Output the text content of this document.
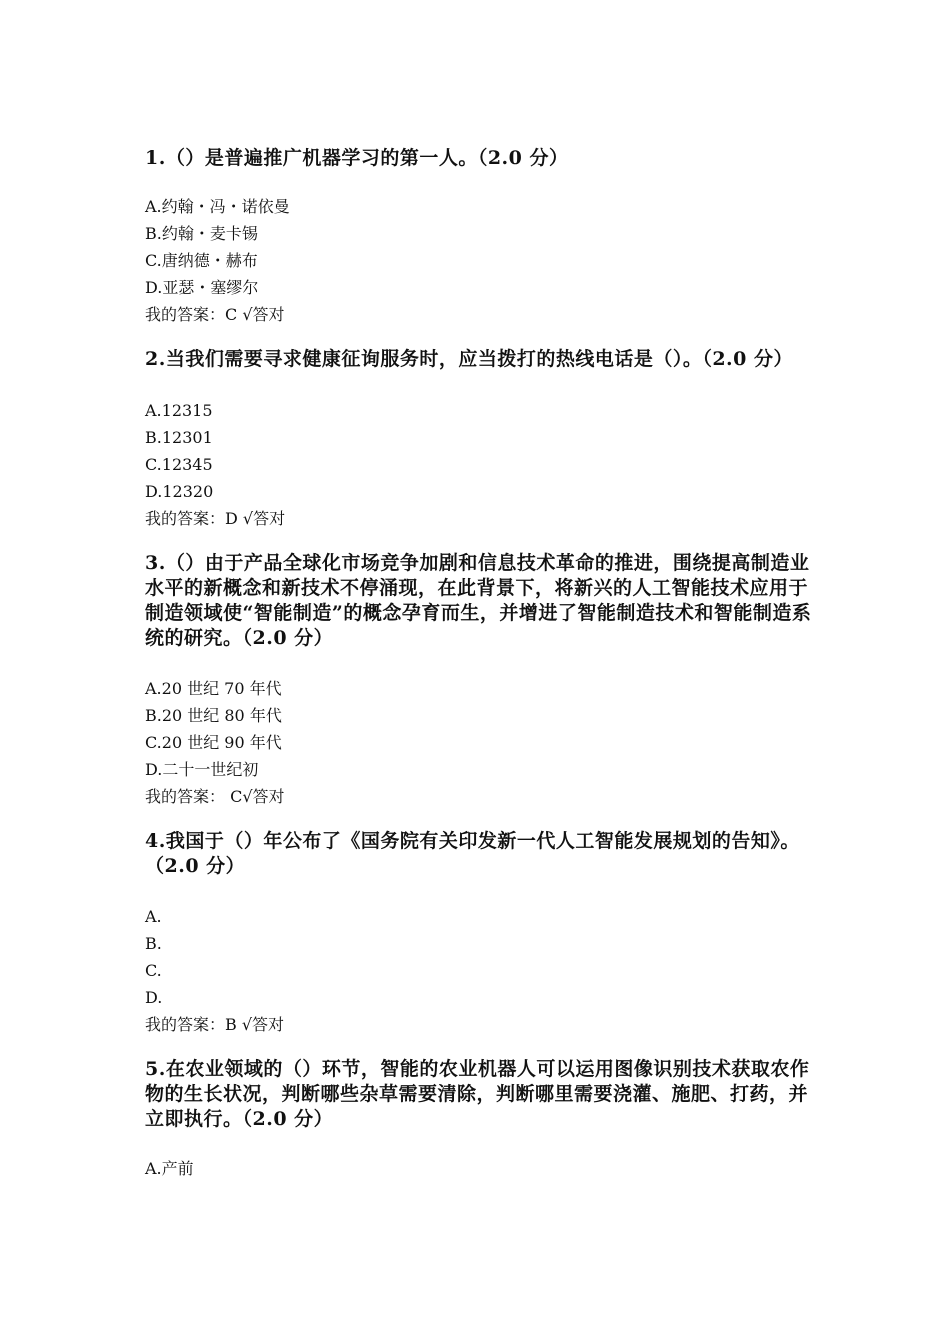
1.（）是普遍推广机器学习的第一人。（2.0 分）

A.约翰・冯・诺依曼
B.约翰・麦卡锡
C.唐纳德・赫布
D.亚瑟・塞缪尔
我的答案：C √答对

2.当我们需要寻求健康征询服务时，应当拨打的热线电话是（）。（2.0 分）

A.12315
B.12301
C.12345
D.12320
我的答案：D √答对

3.（）由于产品全球化市场竞争加剧和信息技术革命的推进，围绕提高制造业水平的新概念和新技术不停涌现，在此背景下，将新兴的人工智能技术应用于制造领域使“智能制造”的概念孕育而生，并增进了智能制造技术和智能制造系统的研究。（2.0 分）

A.20 世纪 70 年代
B.20 世纪 80 年代
C.20 世纪 90 年代
D.二十一世纪初
我的答案： C√答对

4.我国于（）年公布了《国务院有关印发新一代人工智能发展规划的告知》。（2.0 分）

A.
B.
C.
D.
我的答案：B √答对

5.在农业领域的（）环节，智能的农业机器人可以运用图像识别技术获取农作物的生长状况，判断哪些杂草需要清除，判断哪里需要浇灌、施肥、打药，并立即执行。（2.0 分）

A.产前
